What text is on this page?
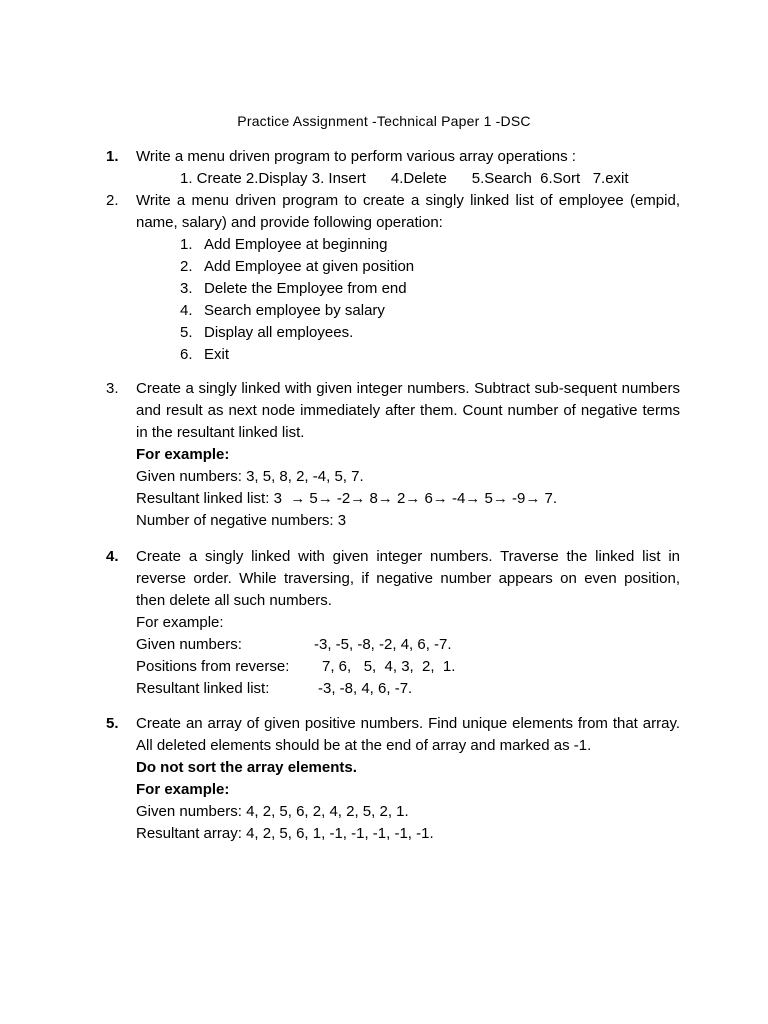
Practice Assignment -Technical Paper 1 -DSC
1.	Write a menu driven program to perform various array operations :
1. Create 2.Display 3. Insert      4.Delete      5.Search  6.Sort   7.exit
2.	Write a menu driven program to create a singly linked list of employee (empid, name, salary) and provide following operation:
1. Add Employee at beginning
2. Add Employee at given position
3. Delete the Employee from end
4. Search employee by salary
5. Display all employees.
6. Exit
3.	Create a singly linked with given integer numbers. Subtract sub-sequent numbers and result as next node immediately after them. Count number of negative terms in the resultant linked list.
For example:
Given numbers: 3, 5, 8, 2, -4, 5, 7.
Resultant linked list: 3  → 5→ -2→ 8→ 2→ 6→ -4→ 5→ -9→ 7.
Number of negative numbers: 3
4.	Create a singly linked with given integer numbers. Traverse the linked list in reverse order. While traversing, if negative number appears on even position, then delete all such numbers.
For example:
Given numbers:	-3, -5, -8, -2, 4, 6, -7.
Positions from reverse: 7, 6,   5,  4, 3,  2,  1.
Resultant linked list:	-3, -8, 4, 6, -7.
5.	Create an array of given positive numbers. Find unique elements from that array. All deleted elements should be at the end of array and marked as -1.
Do not sort the array elements.
For example:
Given numbers: 4, 2, 5, 6, 2, 4, 2, 5, 2, 1.
Resultant array: 4, 2, 5, 6, 1, -1, -1, -1, -1, -1.
